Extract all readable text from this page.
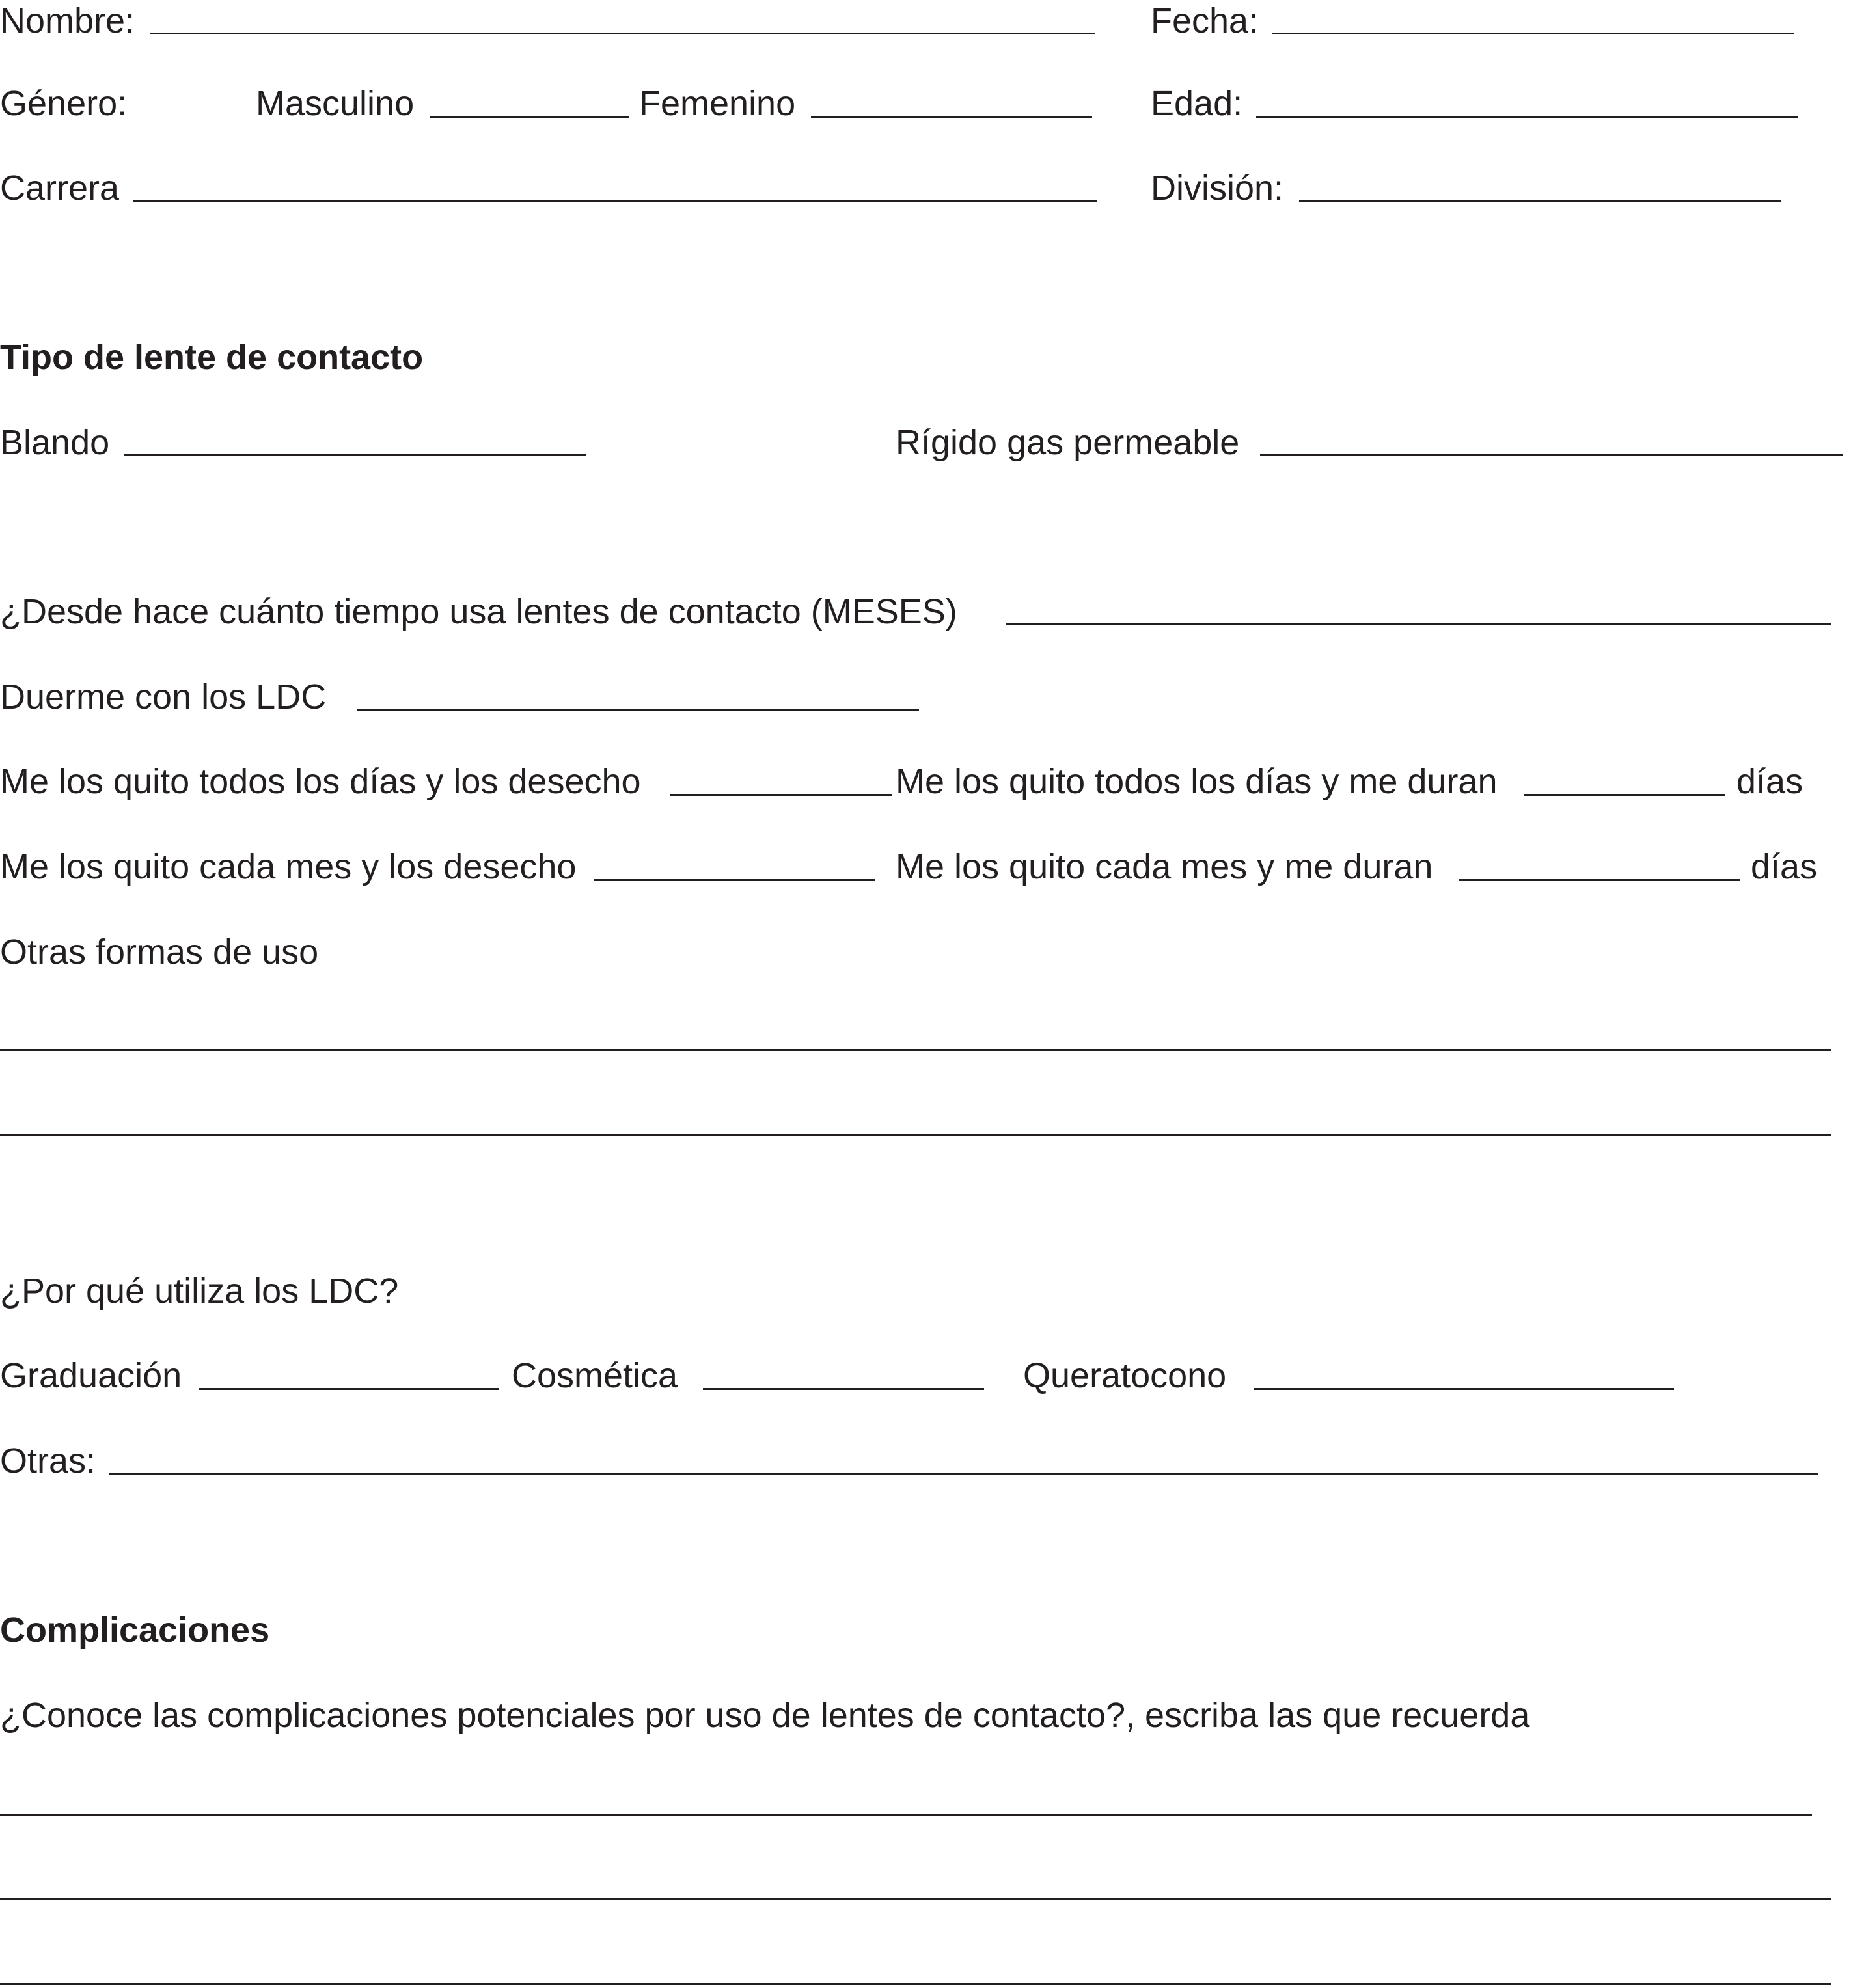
Nombre:	Fecha:
Género:	Masculino	Femenino	Edad:
Carrera	División:
Tipo de lente de contacto
Blando	Rígido gas permeable
¿Desde hace cuánto tiempo usa lentes de contacto (MESES)
Duerme con los LDC
Me los quito todos los días y los desecho	Me los quito todos los días y me duran	días
Me los quito cada mes y los desecho	Me los quito cada mes y me duran	días
Otras formas de uso
¿Por qué utiliza los LDC?
Graduación	Cosmética	Queratocono
Otras:
Complicaciones
¿Conoce las complicaciones potenciales por uso de lentes de contacto?, escriba las que recuerda
